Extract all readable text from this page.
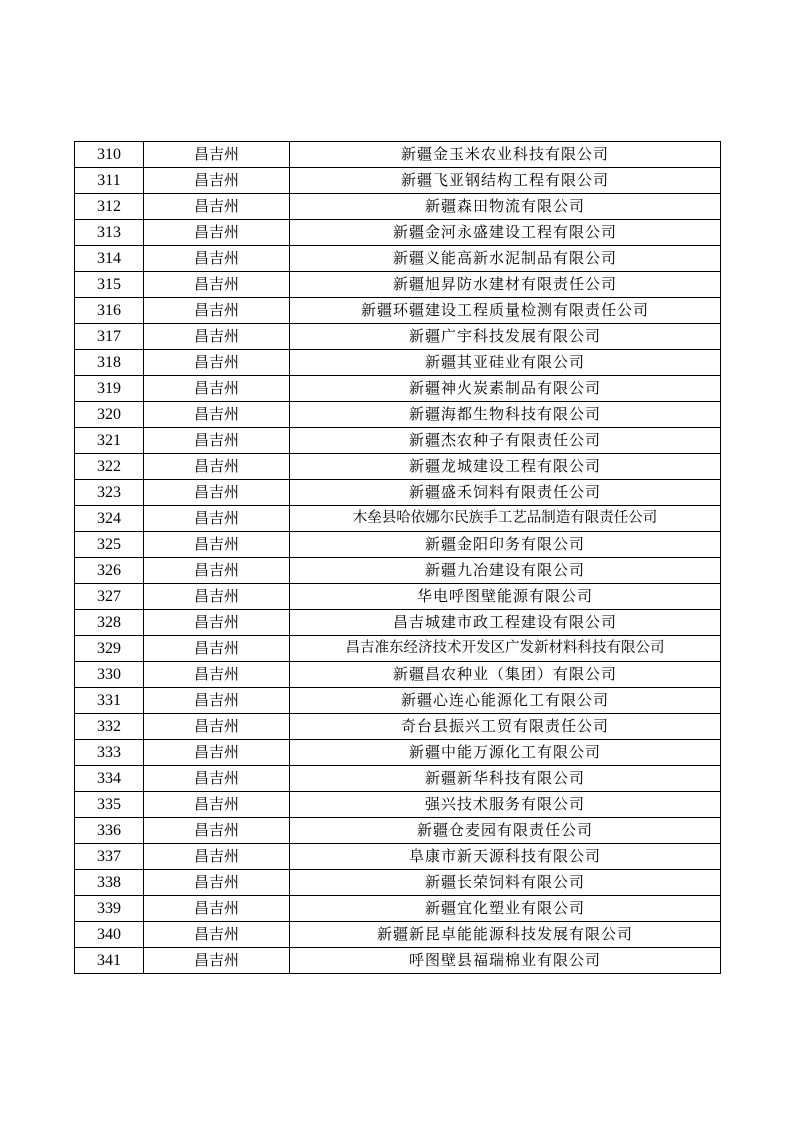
310	昌吉州	新疆金玉米农业科技有限公司
311	昌吉州	新疆飞亚钢结构工程有限公司
312	昌吉州	新疆森田物流有限公司
313	昌吉州	新疆金河永盛建设工程有限公司
314	昌吉州	新疆义能高新水泥制品有限公司
315	昌吉州	新疆旭昇防水建材有限责任公司
316	昌吉州	新疆环疆建设工程质量检测有限责任公司
317	昌吉州	新疆广宇科技发展有限公司
318	昌吉州	新疆其亚硅业有限公司
319	昌吉州	新疆神火炭素制品有限公司
320	昌吉州	新疆海都生物科技有限公司
321	昌吉州	新疆杰农种子有限责任公司
322	昌吉州	新疆龙城建设工程有限公司
323	昌吉州	新疆盛禾饲料有限责任公司
324	昌吉州	木垒县哈依娜尔民族手工艺品制造有限责任公司
325	昌吉州	新疆金阳印务有限公司
326	昌吉州	新疆九冶建设有限公司
327	昌吉州	华电呼图壁能源有限公司
328	昌吉州	昌吉城建市政工程建设有限公司
329	昌吉州	昌吉准东经济技术开发区广发新材料科技有限公司
330	昌吉州	新疆昌农种业（集团）有限公司
331	昌吉州	新疆心连心能源化工有限公司
332	昌吉州	奇台县振兴工贸有限责任公司
333	昌吉州	新疆中能万源化工有限公司
334	昌吉州	新疆新华科技有限公司
335	昌吉州	强兴技术服务有限公司
336	昌吉州	新疆仓麦园有限责任公司
337	昌吉州	阜康市新天源科技有限公司
338	昌吉州	新疆长荣饲料有限公司
339	昌吉州	新疆宜化塑业有限公司
340	昌吉州	新疆新昆卓能能源科技发展有限公司
341	昌吉州	呼图壁县福瑞棉业有限公司
